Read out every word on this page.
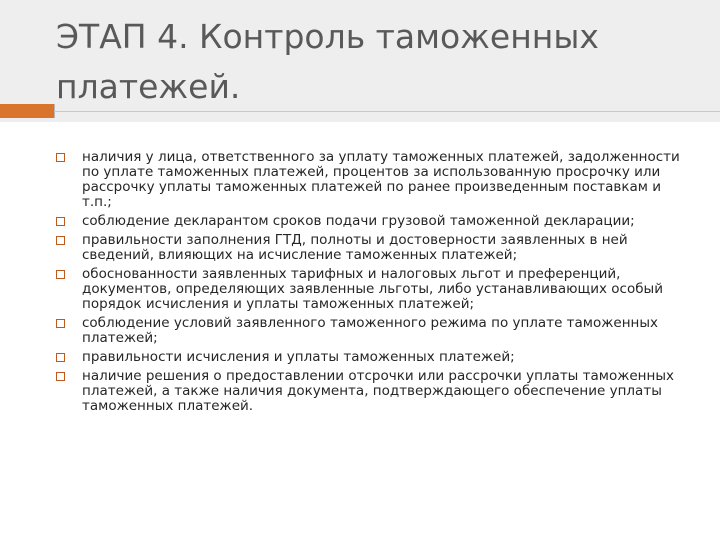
ЭТАП 4. Контроль таможенных платежей.
наличия у лица, ответственного за уплату таможенных платежей, задолженности по уплате таможенных платежей, процентов за использованную просрочку или рассрочку уплаты таможенных платежей по ранее произведенным поставкам и т.п.;
соблюдение декларантом сроков подачи грузовой таможенной декларации;
правильности заполнения ГТД, полноты и достоверности заявленных в ней сведений, влияющих на исчисление таможенных платежей;
обоснованности заявленных тарифных и налоговых льгот и преференций, документов, определяющих заявленные льготы, либо устанавливающих особый порядок исчисления и уплаты таможенных платежей;
соблюдение условий заявленного таможенного режима по уплате таможенных платежей;
правильности исчисления и уплаты таможенных платежей;
наличие решения о предоставлении отсрочки или рассрочки уплаты таможенных платежей, а также наличия документа, подтверждающего обеспечение уплаты таможенных платежей.
